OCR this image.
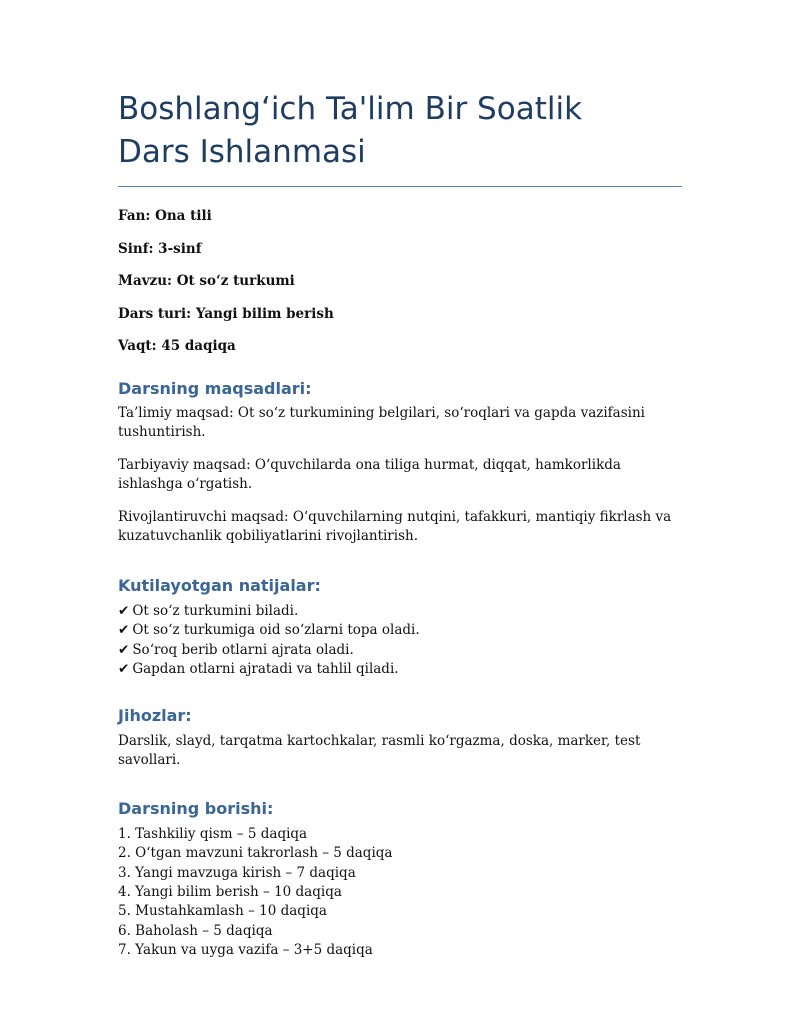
Boshlang‘ich Ta'lim Bir Soatlik Dars Ishlanmasi

Fan: Ona tili

Sinf: 3-sinf

Mavzu: Ot so‘z turkumi

Dars turi: Yangi bilim berish

Vaqt: 45 daqiqa

Darsning maqsadlari:

Ta’limiy maqsad: Ot so‘z turkumining belgilari, so‘roqlari va gapda vazifasini tushuntirish.

Tarbiyaviy maqsad: O‘quvchilarda ona tiliga hurmat, diqqat, hamkorlikda ishlashga o‘rgatish.

Rivojlantiruvchi maqsad: O‘quvchilarning nutqini, tafakkuri, mantiqiy fikrlash va kuzatuvchanlik qobiliyatlarini rivojlantirish.

Kutilayotgan natijalar:

✔ Ot so‘z turkumini biladi.

✔ Ot so‘z turkumiga oid so‘zlarni topa oladi.

✔ So‘roq berib otlarni ajrata oladi.

✔ Gapdan otlarni ajratadi va tahlil qiladi.

Jihozlar:

Darslik, slayd, tarqatma kartochkalar, rasmli ko‘rgazma, doska, marker, test savollari.

Darsning borishi:

1. Tashkiliy qism – 5 daqiqa

2. O‘tgan mavzuni takrorlash – 5 daqiqa

3. Yangi mavzuga kirish – 7 daqiqa

4. Yangi bilim berish – 10 daqiqa

5. Mustahkamlash – 10 daqiqa

6. Baholash – 5 daqiqa

7. Yakun va uyga vazifa – 3+5 daqiqa
